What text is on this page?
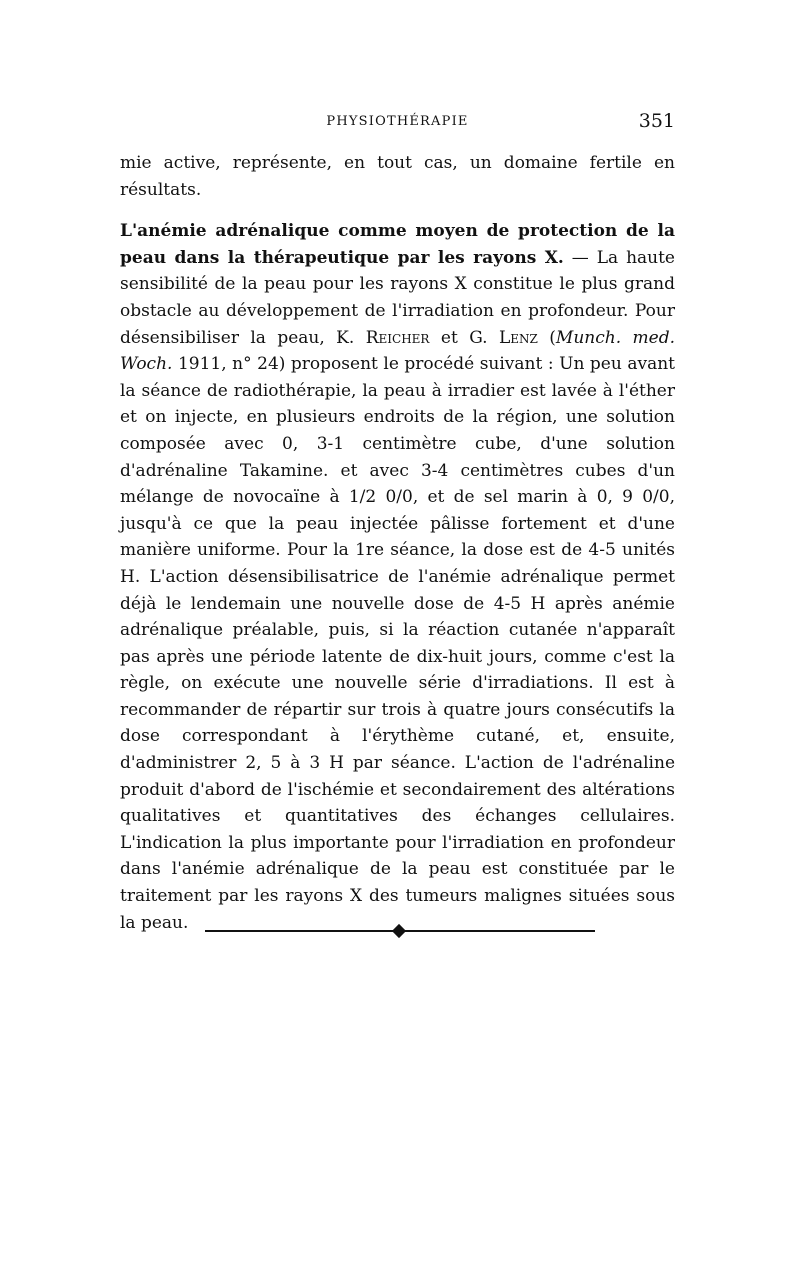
PHYSIOTHÉRAPIE	351

mie active, représente, en tout cas, un domaine fertile en résultats.

L'anémie adrénalique comme moyen de protection de la peau dans la thérapeutique par les rayons X. — La haute sensibilité de la peau pour les rayons X constitue le plus grand obstacle au développement de l'irradiation en profondeur. Pour désensibiliser la peau, K. Reicher et G. Lenz (Munch. med. Woch. 1911, n° 24) proposent le procédé suivant : Un peu avant la séance de radiothérapie, la peau à irradier est lavée à l'éther et on injecte, en plusieurs endroits de la région, une solution composée avec 0, 3-1 centimètre cube, d'une solution d'adrénaline Takamine. et avec 3-4 centimètres cubes d'un mélange de novocaïne à 1/2 0/0, et de sel marin à 0, 9 0/0, jusqu'à ce que la peau injectée pâlisse fortement et d'une manière uniforme. Pour la 1re séance, la dose est de 4-5 unités H. L'action désensibilisatrice de l'anémie adrénalique permet déjà le lendemain une nouvelle dose de 4-5 H après anémie adrénalique préalable, puis, si la réaction cutanée n'apparaît pas après une période latente de dix-huit jours, comme c'est la règle, on exécute une nouvelle série d'irradiations. Il est à recommander de répartir sur trois à quatre jours consécutifs la dose correspondant à l'érythème cutané, et, ensuite, d'administrer 2, 5 à 3 H par séance. L'action de l'adrénaline produit d'abord de l'ischémie et secondairement des altérations qualitatives et quantitatives des échanges cellulaires. L'indication la plus importante pour l'irradiation en profondeur dans l'anémie adrénalique de la peau est constituée par le traitement par les rayons X des tumeurs malignes situées sous la peau.
